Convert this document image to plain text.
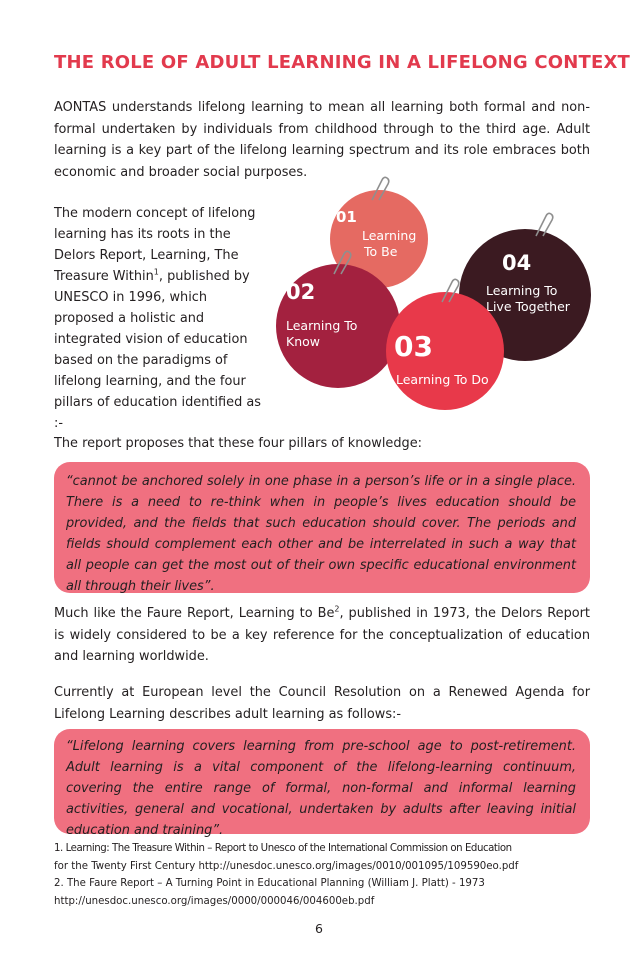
THE ROLE OF ADULT LEARNING IN A LIFELONG CONTEXT

AONTAS understands lifelong learning to mean all learning both formal and non-formal undertaken by individuals from childhood through to the third age. Adult learning is a key part of the lifelong learning spectrum and its role embraces both economic and broader social purposes.

The modern concept of lifelong learning has its roots in the Delors Report, Learning, The Treasure Within$^1$, published by UNESCO in 1996, which proposed a holistic and integrated vision of education based on the paradigms of lifelong learning, and the four pillars of education identified as :-

01
Learning
To Be	04
Learning To
Live Together
02
Learning To
Know	03
Learning To Do

The report proposes that these four pillars of knowledge:

“cannot be anchored solely in one phase in a person’s life or in a single place. There is a need to re-think when in people’s lives education should be provided, and the fields that such education should cover. The periods and fields should complement each other and be interrelated in such a way that all people can get the most out of their own specific educational environment all through their lives”.

Much like the Faure Report, Learning to Be$^2$, published in 1973, the Delors Report is widely considered to be a key reference for the conceptualization of education and learning worldwide.

Currently at European level the Council Resolution on a Renewed Agenda for Lifelong Learning describes adult learning as follows:-

“Lifelong learning covers learning from pre-school age to post-retirement. Adult learning is a vital component of the lifelong-learning continuum, covering the entire range of formal, non-formal and informal learning activities, general and vocational, undertaken by adults after leaving initial education and training”.
1. Learning: The Treasure Within – Report to Unesco of the International Commission on Education
for the Twenty First Century http://unesdoc.unesco.org/images/0010/001095/109590eo.pdf
2. The Faure Report – A Turning Point in Educational Planning (William J. Platt) - 1973
http://unesdoc.unesco.org/images/0000/000046/004600eb.pdf
6
